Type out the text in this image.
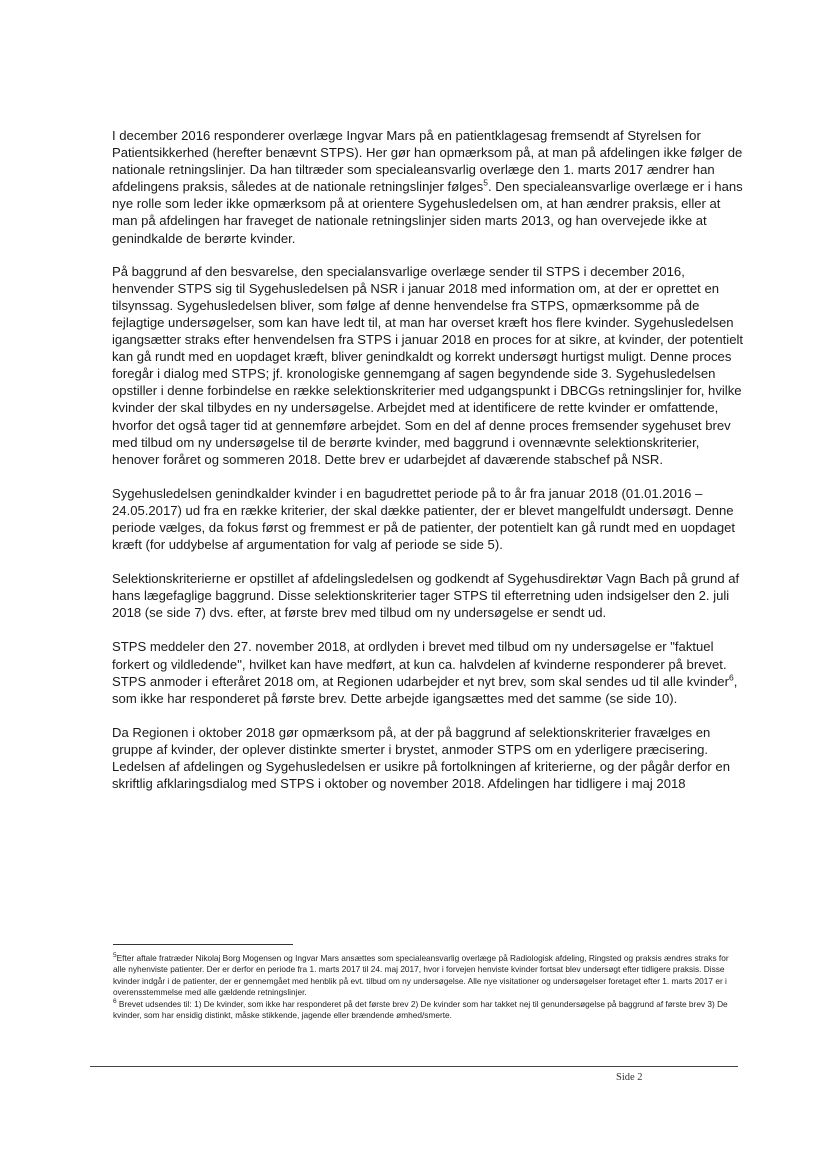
I december 2016 responderer overlæge Ingvar Mars på en patientklagesag fremsendt af Styrelsen for Patientsikkerhed (herefter benævnt STPS). Her gør han opmærksom på, at man på afdelingen ikke følger de nationale retningslinjer. Da han tiltræder som specialeansvarlig overlæge den 1. marts 2017 ændrer han afdelingens praksis, således at de nationale retningslinjer følges$^5$. Den specialeansvarlige overlæge er i hans nye rolle som leder ikke opmærksom på at orientere Sygehusledelsen om, at han ændrer praksis, eller at man på afdelingen har fraveget de nationale retningslinjer siden marts 2013, og han overvejede ikke at genindkalde de berørte kvinder.

På baggrund af den besvarelse, den specialansvarlige overlæge sender til STPS i december 2016, henvender STPS sig til Sygehusledelsen på NSR i januar 2018 med information om, at der er oprettet en tilsynssag. Sygehusledelsen bliver, som følge af denne henvendelse fra STPS, opmærksomme på de fejlagtige undersøgelser, som kan have ledt til, at man har overset kræft hos flere kvinder. Sygehusledelsen igangsætter straks efter henvendelsen fra STPS i januar 2018 en proces for at sikre, at kvinder, der potentielt kan gå rundt med en uopdaget kræft, bliver genindkaldt og korrekt undersøgt hurtigst muligt. Denne proces foregår i dialog med STPS; jf. kronologiske gennemgang af sagen begyndende side 3. Sygehusledelsen opstiller i denne forbindelse en række selektionskriterier med udgangspunkt i DBCGs retningslinjer for, hvilke kvinder der skal tilbydes en ny undersøgelse. Arbejdet med at identificere de rette kvinder er omfattende, hvorfor det også tager tid at gennemføre arbejdet. Som en del af denne proces fremsender sygehuset brev med tilbud om ny undersøgelse til de berørte kvinder, med baggrund i ovennævnte selektionskriterier, henover foråret og sommeren 2018. Dette brev er udarbejdet af daværende stabschef på NSR.

Sygehusledelsen genindkalder kvinder i en bagudrettet periode på to år fra januar 2018 (01.01.2016 – 24.05.2017) ud fra en række kriterier, der skal dække patienter, der er blevet mangelfuldt undersøgt. Denne periode vælges, da fokus først og fremmest er på de patienter, der potentielt kan gå rundt med en uopdaget kræft (for uddybelse af argumentation for valg af periode se side 5).

Selektionskriterierne er opstillet af afdelingsledelsen og godkendt af Sygehusdirektør Vagn Bach på grund af hans lægefaglige baggrund. Disse selektionskriterier tager STPS til efterretning uden indsigelser den 2. juli 2018 (se side 7) dvs. efter, at første brev med tilbud om ny undersøgelse er sendt ud.

STPS meddeler den 27. november 2018, at ordlyden i brevet med tilbud om ny undersøgelse er "faktuel forkert og vildledende", hvilket kan have medført, at kun ca. halvdelen af kvinderne responderer på brevet. STPS anmoder i efteråret 2018 om, at Regionen udarbejder et nyt brev, som skal sendes ud til alle kvinder$^6$, som ikke har responderet på første brev. Dette arbejde igangsættes med det samme (se side 10).

Da Regionen i oktober 2018 gør opmærksom på, at der på baggrund af selektionskriterier fravælges en gruppe af kvinder, der oplever distinkte smerter i brystet, anmoder STPS om en yderligere præcisering. Ledelsen af afdelingen og Sygehusledelsen er usikre på fortolkningen af kriterierne, og der pågår derfor en skriftlig afklaringsdialog med STPS i oktober og november 2018. Afdelingen har tidligere i maj 2018

$^5$Efter aftale fratræder Nikolaj Borg Mogensen og Ingvar Mars ansættes som specialeansvarlig overlæge på Radiologisk afdeling, Ringsted og praksis ændres straks for alle nyhenviste patienter. Der er derfor en periode fra 1. marts 2017 til 24. maj 2017, hvor i forvejen henviste kvinder fortsat blev undersøgt efter tidligere praksis. Disse kvinder indgår i de patienter, der er gennemgået med henblik på evt. tilbud om ny undersøgelse. Alle nye visitationer og undersøgelser foretaget efter 1. marts 2017 er i overensstemmelse med alle gældende retningslinjer.

$^6$ Brevet udsendes til: 1) De kvinder, som ikke har responderet på det første brev 2) De kvinder som har takket nej til genundersøgelse på baggrund af første brev 3) De kvinder, som har ensidig distinkt, måske stikkende, jagende eller brændende ømhed/smerte.

Side 2
